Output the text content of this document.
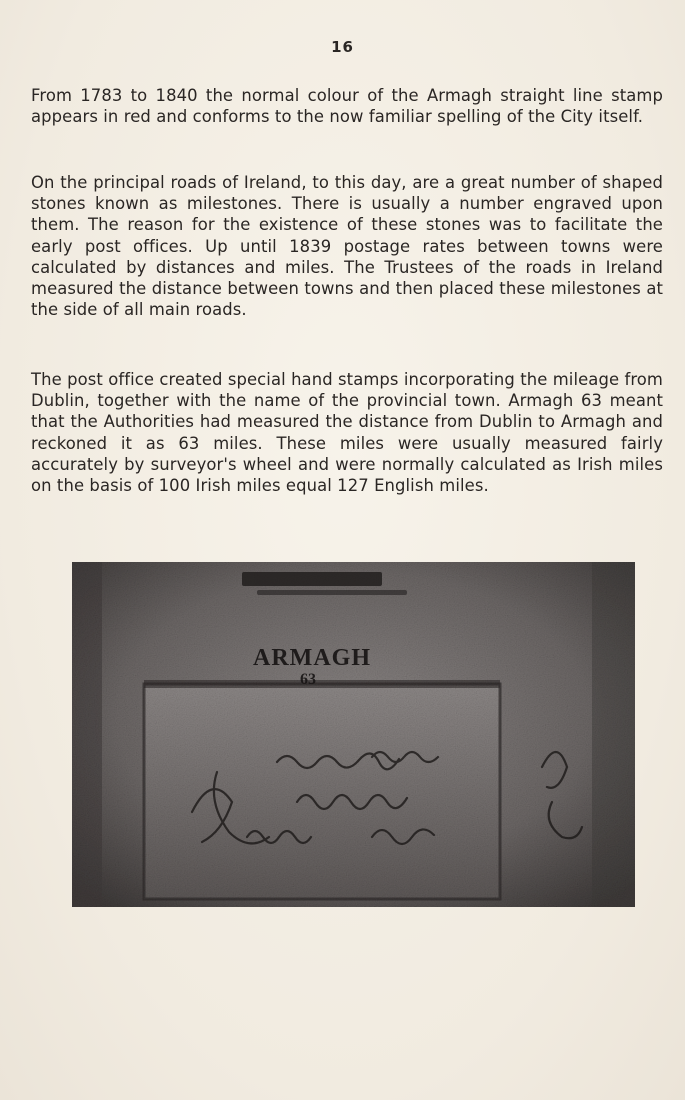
16

From 1783 to 1840 the normal colour of the Armagh straight line stamp appears in red and conforms to the now familiar spelling of the City itself.

On the principal roads of Ireland, to this day, are a great number of shaped stones known as milestones. There is usually a number engraved upon them. The reason for the existence of these stones was to facilitate the early post offices. Up until 1839 postage rates between towns were calculated by distances and miles. The Trustees of the roads in Ireland measured the distance between towns and then placed these milestones at the side of all main roads.

The post office created special hand stamps incorporating the mileage from Dublin, together with the name of the provincial town. Armagh 63 meant that the Authorities had measured the distance from Dublin to Armagh and reckoned it as 63 miles. These miles were usually measured fairly accurately by surveyor's wheel and were normally calculated as Irish miles on the basis of 100 Irish miles equal 127 English miles.

ARMAGH
63
